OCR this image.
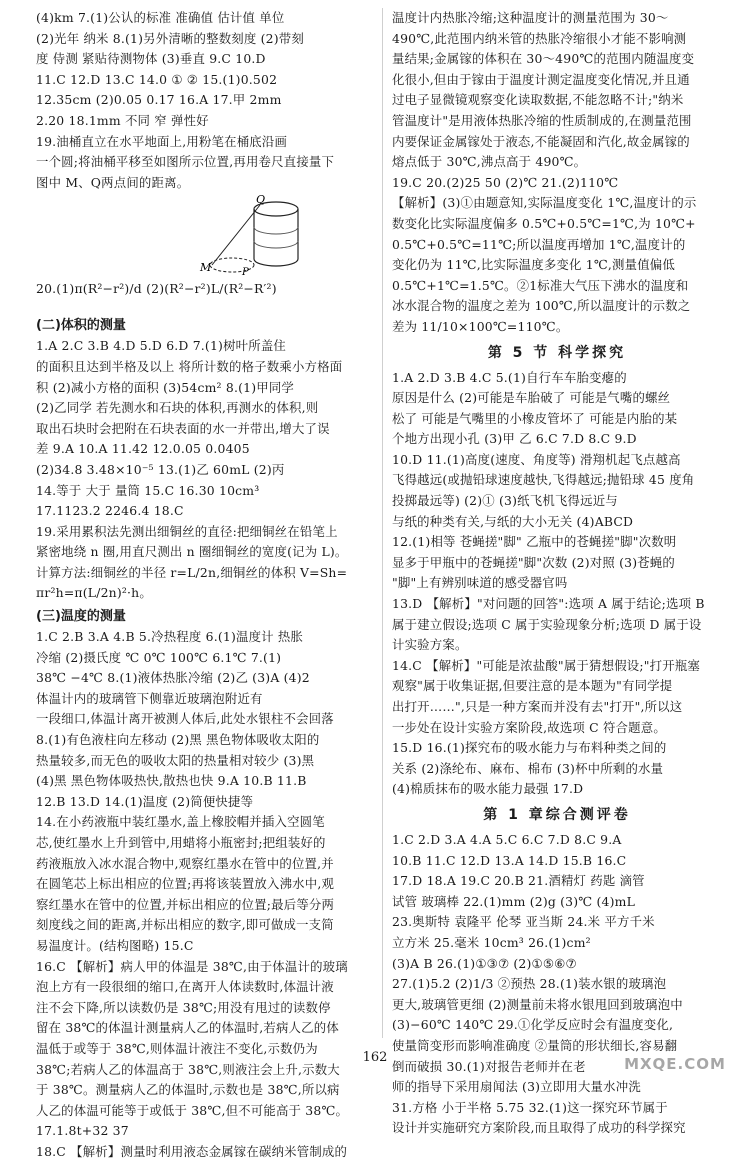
(4)km 7.(1)公认的标准 准确值 估计值 单位

(2)光年 纳米 8.(1)另外清晰的整数刻度 (2)带刻

度 侍测 紧贴待测物体 (3)垂直 9.C 10.D

11.C 12.D 13.C 14.0 ① ② 15.(1)0.502

12.35cm (2)0.05 0.17 16.A 17.甲 2mm

2.20 18.1mm 不同 窄 弹性好

19.油桶直立在水平地面上,用粉笔在桶底沿画

一个圆;将油桶平移至如图所示位置,再用卷尺直接量下

图中 M、Q两点间的距离。

Q
M	P

20.(1)π(R²−r²)/d (2)(R²−r²)L/(R²−R′²)

(二)体积的测量

1.A 2.C 3.B 4.D 5.D 6.D 7.(1)树叶所盖住

的面积且达到半格及以上 将所计数的格子数乘小方格面

积 (2)减小方格的面积 (3)54cm² 8.(1)甲同学

(2)乙同学 若先测水和石块的体积,再测水的体积,则

取出石块时会把附在石块表面的水一并带出,增大了误

差 9.A 10.A 11.42 12.0.05 0.0405

(2)34.8 3.48×10⁻⁵ 13.(1)乙 60mL (2)丙

14.等于 大于 量筒 15.C 16.30 10cm³

17.1123.2 2246.4 18.C

19.采用累积法先测出细铜丝的直径:把细铜丝在铅笔上

紧密地绕 n 圈,用直尺测出 n 圈细铜丝的宽度(记为 L)。

计算方法:细铜丝的半径 r=L/2n,细铜丝的体积 V=Sh=

πr²h=π(L/2n)²·h。

(三)温度的测量

1.C 2.B 3.A 4.B 5.冷热程度 6.(1)温度计 热胀

冷缩 (2)摄氏度 ℃ 0℃ 100℃ 6.1℃ 7.(1)

38℃ −4℃ 8.(1)液体热胀冷缩 (2)乙 (3)A (4)2

体温计内的玻璃管下侧靠近玻璃泡附近有

一段细口,体温计离开被测人体后,此处水银柱不会回落

8.(1)有色液柱向左移动 (2)黑 黑色物体吸收太阳的

热量较多,而无色的吸收太阳的热量相对较少 (3)黑

(4)黑 黑色物体吸热快,散热也快 9.A 10.B 11.B

12.B 13.D 14.(1)温度 (2)简便快捷等

14.在小药液瓶中装红墨水,盖上橡胶帽并插入空圆笔

芯,使红墨水上升到管中,用蜡将小瓶密封;把组装好的

药液瓶放入冰水混合物中,观察红墨水在管中的位置,并

在圆笔芯上标出相应的位置;再将该装置放入沸水中,观

察红墨水在管中的位置,并标出相应的位置;最后等分两

刻度线之间的距离,并标出相应的数字,即可做成一支简

易温度计。(结构图略) 15.C

16.C 【解析】病人甲的体温是 38℃,由于体温计的玻璃

泡上方有一段很细的缩口,在离开人体读数时,体温计液

注不会下降,所以读数仍是 38℃;用没有甩过的读数停

留在 38℃的体温计测量病人乙的体温时,若病人乙的体

温低于或等于 38℃,则体温计液注不变化,示数仍为

38℃;若病人乙的体温高于 38℃,则液注会上升,示数大

于 38℃。测量病人乙的体温时,示数也是 38℃,所以病

人乙的体温可能等于或低于 38℃,但不可能高于 38℃。

17.1.8t+32 37

18.C 【解析】测量时利用液态金属镓在碳纳米管制成的

温度计内热胀冷缩;这种温度计的测量范围为 30～

490℃,此范围内纳米管的热胀冷缩很小才能不影响测

量结果;金属镓的体积在 30～490℃的范围内随温度变

化很小,但由于镓由于温度计测定温度变化情况,并且通

过电子显微镜观察变化读取数据,不能忽略不计;"纳米

管温度计"是用液体热胀冷缩的性质制成的,在测量范围

内要保证金属镓处于液态,不能凝固和汽化,故金属镓的

熔点低于 30℃,沸点高于 490℃。

19.C 20.(2)25 50 (2)℃ 21.(2)110℃

【解析】(3)①由题意知,实际温度变化 1℃,温度计的示

数变化比实际温度偏多 0.5℃+0.5℃=1℃,为 10℃+

0.5℃+0.5℃=11℃;所以温度再增加 1℃,温度计的

变化仍为 11℃,比实际温度多变化 1℃,测量值偏低

0.5℃+1℃=1.5℃。②1标准大气压下沸水的温度和

冰水混合物的温度之差为 100℃,所以温度计的示数之

差为 11/10×100℃=110℃。

第 5 节 科学探究

1.A 2.D 3.B 4.C 5.(1)自行车车胎变瘪的

原因是什么 (2)可能是车胎破了 可能是气嘴的螺丝

松了 可能是气嘴里的小橡皮管坏了 可能是内胎的某

个地方出现小孔 (3)甲 乙 6.C 7.D 8.C 9.D

10.D 11.(1)高度(速度、角度等) 滑翔机起飞点越高

飞得越远(或抛铅球速度越快,飞得越远;抛铅球 45 度角

投掷最远等) (2)① (3)纸飞机飞得远近与

与纸的种类有关,与纸的大小无关 (4)ABCD

12.(1)相等 苍蝇搓"脚" 乙瓶中的苍蝇搓"脚"次数明

显多于甲瓶中的苍蝇搓"脚"次数 (2)对照 (3)苍蝇的

"脚"上有辨别味道的感受器官吗

13.D 【解析】"对问题的回答":选项 A 属于结论;选项 B

属于建立假设;选项 C 属于实验现象分析;选项 D 属于设

计实验方案。

14.C 【解析】"可能是浓盐酸"属于猜想假设;"打开瓶塞

观察"属于收集证据,但要注意的是本题为"有同学提

出打开……",只是一种方案而并没有去"打开",所以这

一步处在设计实验方案阶段,故选项 C 符合题意。

15.D 16.(1)探究布的吸水能力与布料种类之间的

关系 (2)涤纶布、麻布、棉布 (3)杯中所剩的水量

(4)棉质抹布的吸水能力最强 17.D

第 1 章综合测评卷

1.C 2.D 3.A 4.A 5.C 6.C 7.D 8.C 9.A

10.B 11.C 12.D 13.A 14.D 15.B 16.C

17.D 18.A 19.C 20.B 21.酒精灯 药匙 滴管

试管 玻璃棒 22.(1)mm (2)g (3)℃ (4)mL

23.奥斯特 袁隆平 伦琴 亚当斯 24.米 平方千米

立方米 25.毫米 10cm³ 26.(1)cm²

(3)A B 26.(1)①③⑦ (2)①⑤⑥⑦

27.(1)5.2 (2)1/3 ②预热 28.(1)装水银的玻璃泡

更大,玻璃管更细 (2)测量前未将水银甩回到玻璃泡中

(3)−60℃ 140℃ 29.①化学反应时会有温度变化,

使量筒变形而影响准确度 ②量筒的形状细长,容易翻

倒而破损 30.(1)对报告老师并在老

师的指导下采用扇闻法 (3)立即用大量水冲洗

31.方格 小于半格 5.75 32.(1)这一探究环节属于

设计并实施研究方案阶段,而且取得了成功的科学探究

162	MXQE.COM
